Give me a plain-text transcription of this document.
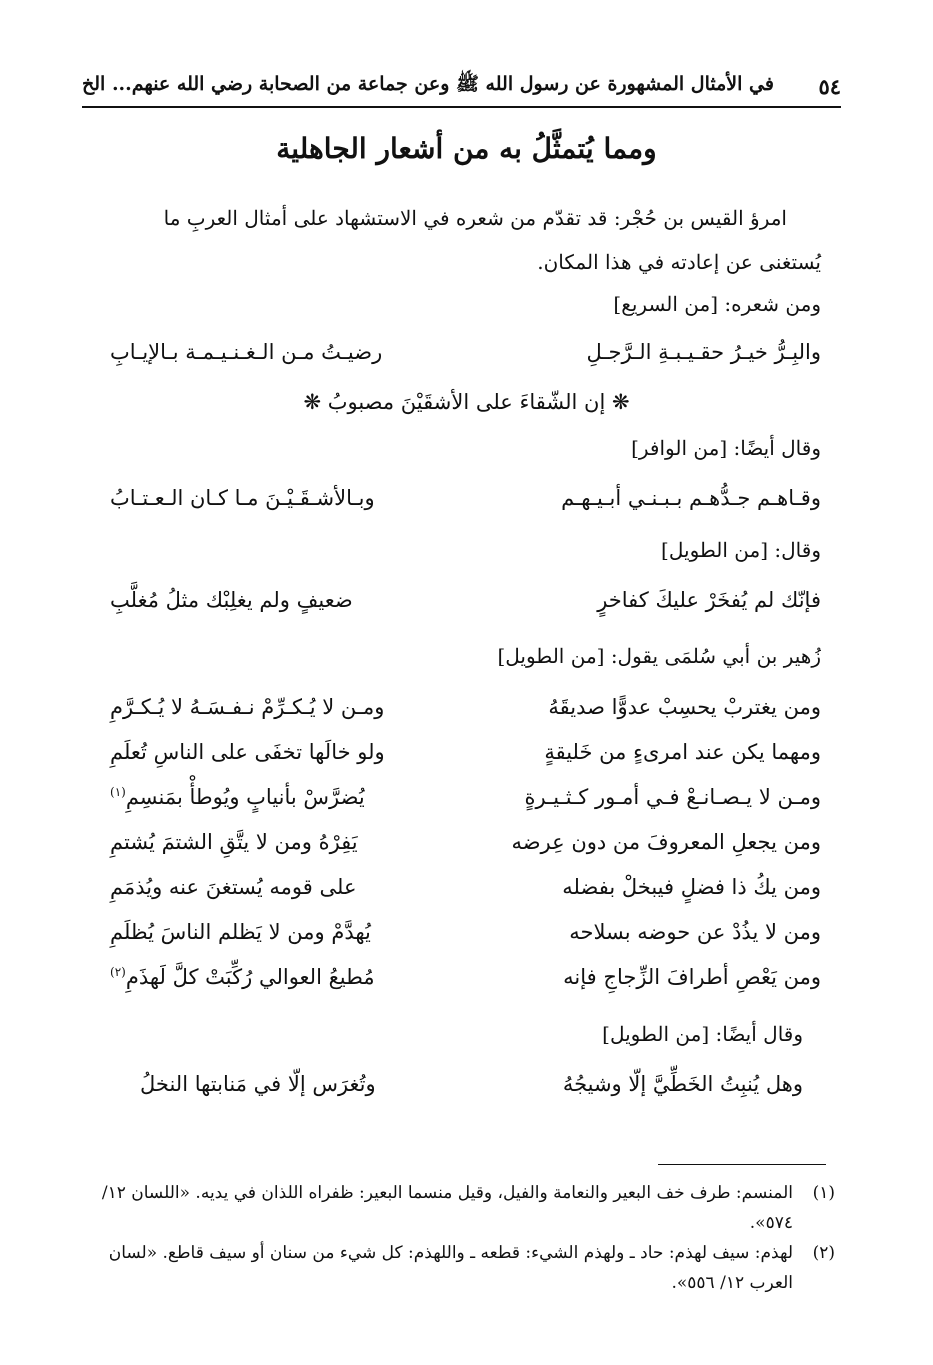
٥٤
في الأمثال المشهورة عن رسول الله ﷺ وعن جماعة من الصحابة رضي الله عنهم... الخ
ومما يُتمثَّلُ به من أشعار الجاهلية
امرؤ القيس بن حُجْر: قد تقدّم من شعره في الاستشهاد على أمثال العربِ ما
يُستغنى عن إعادته في هذا المكان.
ومن شعره: [من السريع]
والبِـرُّ خيـرُ حقـيـبـةِ الـرَّجـلِ
رضيـتُ مـن الـغـنـيـمـة بـالإيـابِ
❋ إن الشّقاءَ على الأشقَيْنَ مصبوبُ ❋
وقال أيضًا: [من الوافر]
وقـاهـم جـدُّهـم بـبـنـي أبـيـهـم
وبـالأشـقَـيْـنَ مـا كـان الـعـتـابُ
وقال: [من الطويل]
فإنّك لم يُفخَرْ عليكَ كفاخرٍ
ضعيفٍ ولم يغلِبْك مثلُ مُغلَّبِ
زُهير بن أبي سُلمَى يقول: [من الطويل]
ومن يغتربْ يحسِبْ عدوًّا صديقَهُ
ومـن لا يُـكـرِّمْ نـفـسَـهُ لا يُـكـرَّمِ
ومهما يكن عند امرىءٍ من خَليقةٍ
ولو خالَها تخفَى على الناسِ تُعلَمِ
ومـن لا يـصـانـعْ فـي أمـور كـثـيـرةٍ
يُضرَّسْ بأنيابٍ ويُوطأْ بمَنسِمِ$^{(١)}$
ومن يجعلِ المعروفَ من دون عِرضه
يَفِرْهُ ومن لا يتَّقِ الشتمَ يُشتمِ
ومن يكُ ذا فضلٍ فيبخلْ بفضله
على قومه يُستغنَ عنه ويُذمَمِ
ومن لا يذُدْ عن حوضه بسلاحه
يُهدَّمْ ومن لا يَظلم الناسَ يُظلَمِ
ومن يَعْصِ أطرافَ الزِّجاجِ فإنه
مُطيعُ العوالي رُكِّبَتْ كلَّ لَهذَمِ$^{(٢)}$
وقال أيضًا: [من الطويل]
وهل يُنبِتُ الخَطِّيَّ إلّا وشيجُهُ
وتُغرَس إلّا في مَنابتها النخلُ
(١)
المنسم: طرف خف البعير والنعامة والفيل، وقيل منسما البعير: ظفراه اللذان في يديه. «اللسان ١٢/ ٥٧٤».
(٢)
لهذم: سيف لهذم: حاد ـ ولهذم الشيء: قطعه ـ واللهذم: كل شيء من سنان أو سيف قاطع. «لسان العرب ١٢/ ٥٥٦».
